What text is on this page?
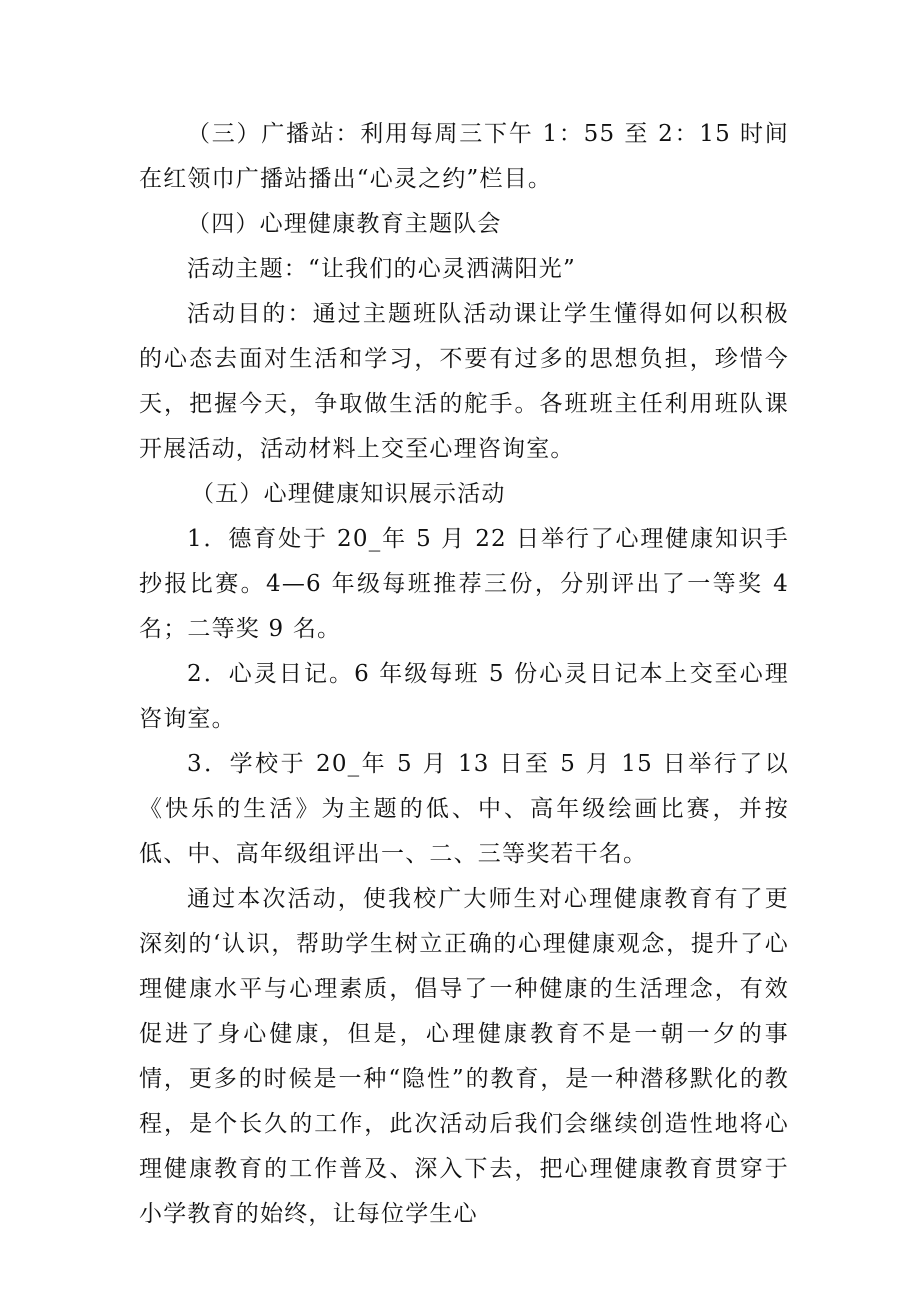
（三）广播站：利用每周三下午 1：55 至 2：15 时间在红领巾广播站播出“心灵之约”栏目。

（四）心理健康教育主题队会

活动主题：“让我们的心灵洒满阳光”

活动目的：通过主题班队活动课让学生懂得如何以积极的心态去面对生活和学习，不要有过多的思想负担，珍惜今天，把握今天，争取做生活的舵手。各班班主任利用班队课开展活动，活动材料上交至心理咨询室。

（五）心理健康知识展示活动

1．德育处于 20_年 5 月 22 日举行了心理健康知识手抄报比赛。4—6 年级每班推荐三份，分别评出了一等奖 4 名；二等奖 9 名。

2．心灵日记。6 年级每班 5 份心灵日记本上交至心理咨询室。

3．学校于 20_年 5 月 13 日至 5 月 15 日举行了以《快乐的生活》为主题的低、中、高年级绘画比赛，并按低、中、高年级组评出一、二、三等奖若干名。

通过本次活动，使我校广大师生对心理健康教育有了更深刻的‘认识，帮助学生树立正确的心理健康观念，提升了心理健康水平与心理素质，倡导了一种健康的生活理念，有效促进了身心健康，但是，心理健康教育不是一朝一夕的事情，更多的时候是一种“隐性”的教育，是一种潜移默化的教程，是个长久的工作，此次活动后我们会继续创造性地将心理健康教育的工作普及、深入下去，把心理健康教育贯穿于小学教育的始终，让每位学生心
